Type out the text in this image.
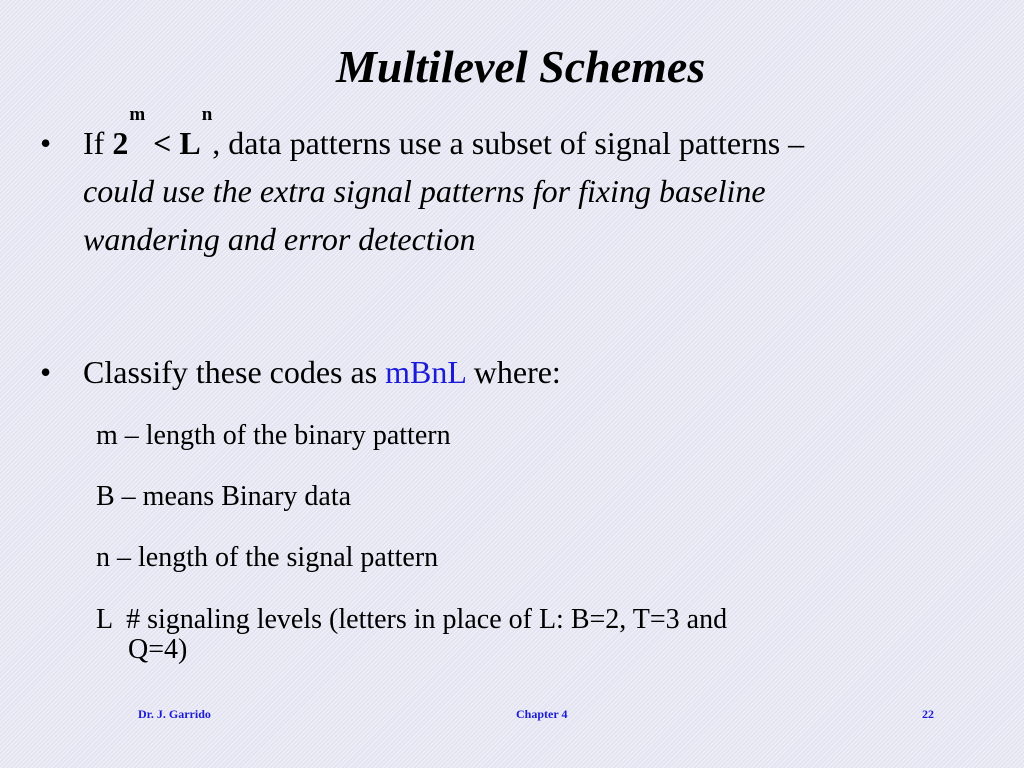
Multilevel Schemes
• If $2^m < L^n$, data patterns use a subset of signal patterns – could use the extra signal patterns for fixing baseline wandering and error detection
• Classify these codes as mBnL where:
m – length of the binary pattern
B – means Binary data
n – length of the signal pattern
L  # signaling levels (letters in place of L: B=2, T=3 and
Q=4)
Dr. J. Garrido	Chapter 4	22
